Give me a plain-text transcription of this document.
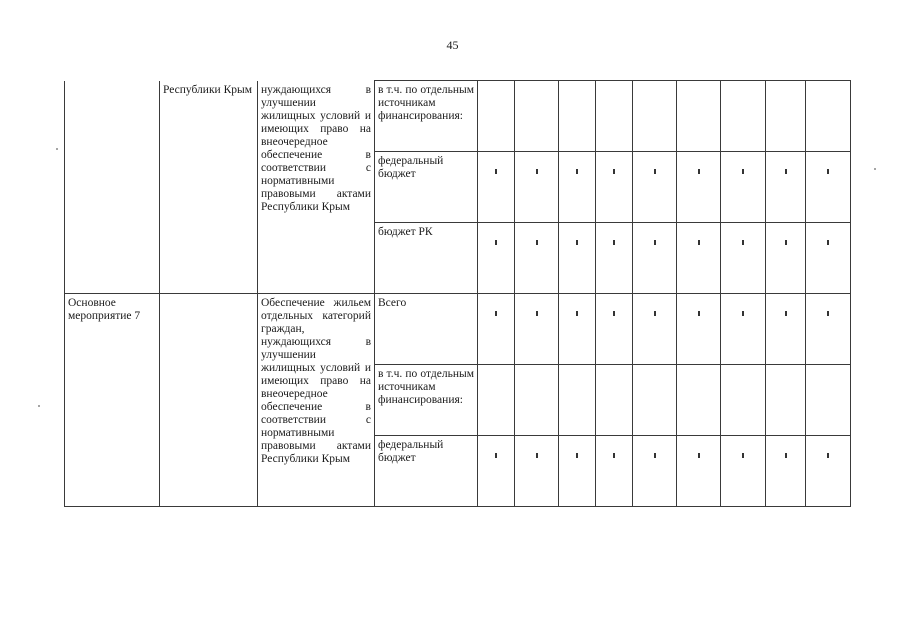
45
	Республики Крым	нуждающихся в улучшении жилищных условий и имеющих право на внеочередное обеспечение в соответствии с нормативными правовыми актами Республики Крым	в т.ч. по отдельным источникам финансирования:									
			федеральный бюджет									
			бюджет РК									
Основное мероприятие 7		Обеспечение жильем отдельных категорий граждан, нуждающихся в улучшении жилищных условий и имеющих право на внеочередное обеспечение в соответствии с нормативными правовыми актами Республики Крым	Всего									
			в т.ч. по отдельным источникам финансирования:									
			федеральный бюджет									
